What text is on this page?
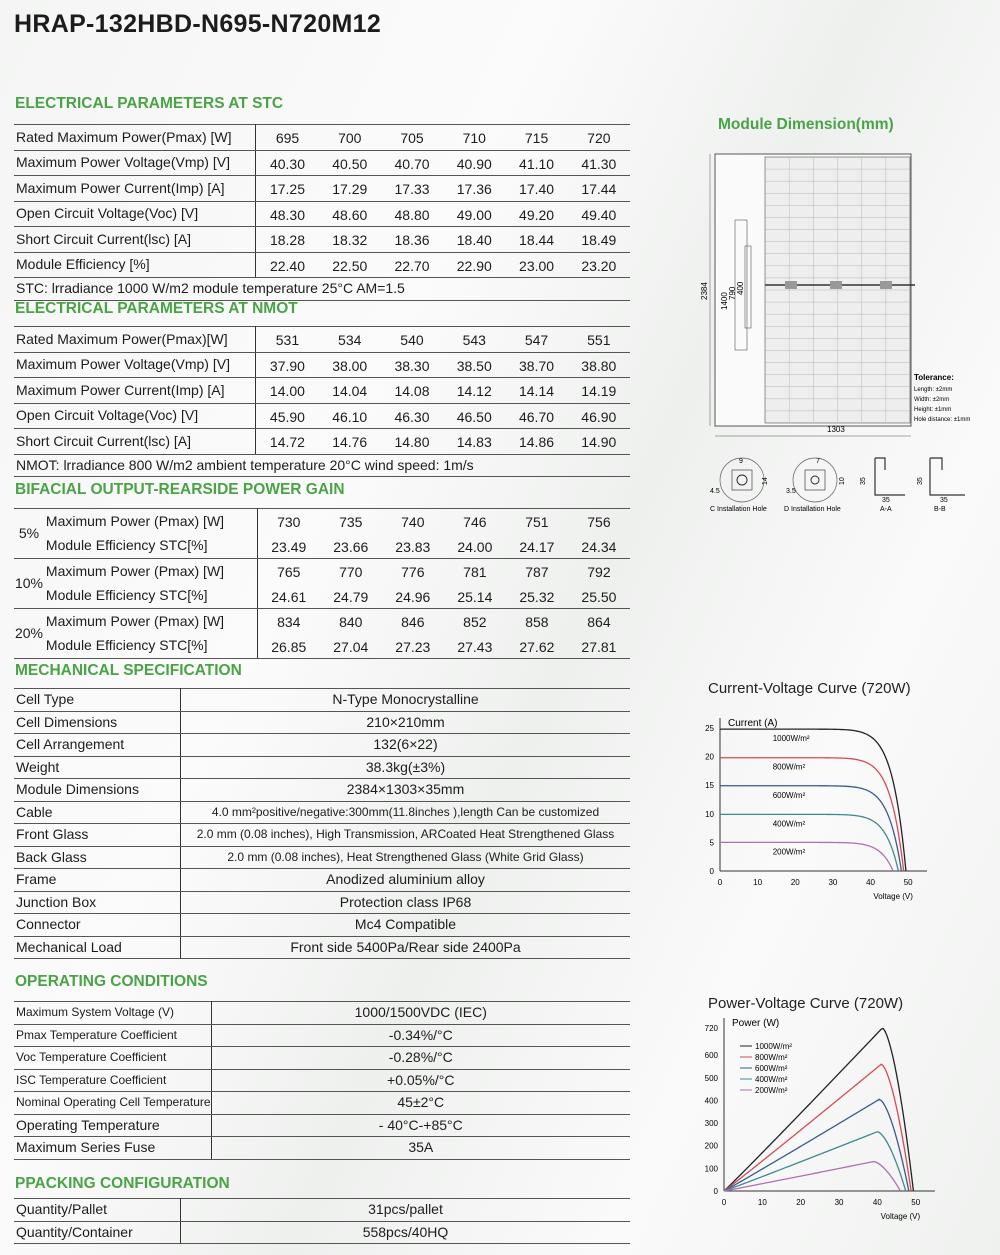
HRAP-132HBD-N695-N720M12
ELECTRICAL PARAMETERS AT STC
Rated Maximum Power(Pmax) [W]	695	700	705	710	715	720
Maximum Power Voltage(Vmp) [V]	40.30	40.50	40.70	40.90	41.10	41.30
Maximum Power Current(Imp) [A]	17.25	17.29	17.33	17.36	17.40	17.44
Open Circuit Voltage(Voc) [V]	48.30	48.60	48.80	49.00	49.20	49.40
Short Circuit Current(lsc) [A]	18.28	18.32	18.36	18.40	18.44	18.49
Module Efficiency [%]	22.40	22.50	22.70	22.90	23.00	23.20
STC: lrradiance 1000 W/m2 module temperature 25°C AM=1.5						
ELECTRICAL PARAMETERS AT NMOT
Rated Maximum Power(Pmax)[W]	531	534	540	543	547	551
Maximum Power Voltage(Vmp) [V]	37.90	38.00	38.30	38.50	38.70	38.80
Maximum Power Current(Imp) [A]	14.00	14.04	14.08	14.12	14.14	14.19
Open Circuit Voltage(Voc) [V]	45.90	46.10	46.30	46.50	46.70	46.90
Short Circuit Current(lsc) [A]	14.72	14.76	14.80	14.83	14.86	14.90
NMOT: lrradiance 800 W/m2 ambient temperature 20°C wind speed: 1m/s						
BIFACIAL OUTPUT-REARSIDE POWER GAIN
5%	Maximum Power (Pmax) [W]	730	735	740	746	751	756
	Module Efficiency STC[%]	23.49	23.66	23.83	24.00	24.17	24.34
10%	Maximum Power (Pmax) [W]	765	770	776	781	787	792
	Module Efficiency STC[%]	24.61	24.79	24.96	25.14	25.32	25.50
20%	Maximum Power (Pmax) [W]	834	840	846	852	858	864
	Module Efficiency STC[%]	26.85	27.04	27.23	27.43	27.62	27.81
MECHANICAL SPECIFICATION
Cell Type	N-Type Monocrystalline
Cell Dimensions	210×210mm
Cell Arrangement	132(6×22)
Weight	38.3kg(±3%)
Module Dimensions	2384×1303×35mm
Cable	4.0 mm²positive/negative:300mm(11.8inches ),length Can be customized
Front Glass	2.0 mm (0.08 inches), High Transmission, ARCoated Heat Strengthened Glass
Back Glass	2.0 mm (0.08 inches), Heat Strengthened Glass (White Grid Glass)
Frame	Anodized aluminium alloy
Junction Box	Protection class IP68
Connector	Mc4 Compatible
Mechanical Load	Front side 5400Pa/Rear side 2400Pa
OPERATING CONDITIONS
Maximum System Voltage (V)	1000/1500VDC (IEC)
Pmax Temperature Coefficient	-0.34%/°C
Voc Temperature Coefficient	-0.28%/°C
ISC Temperature Coefficient	+0.05%/°C
Nominal Operating Cell Temperature	45±2°C
Operating Temperature	- 40°C-+85°C
Maximum Series Fuse	35A
PPACKING CONFIGURATION
Quantity/Pallet	31pcs/pallet
Quantity/Container	558pcs/40HQ
Module Dimension(mm)
2384
1400 790 400
1303
Tolerance:
Length: ±2mm
Width: ±2mm
Height: ±1mm
Hole distance: ±1mm
9
4.5
14
C Installation Hole
7
3.5
10
D Installation Hole
35
35
A-A
35
35
B-B
Current-Voltage Curve (720W)
0
5
10
15
20
25
0	10	20	30	40	50
Current (A)
Voltage (V)
1000W/m²
800W/m²
600W/m²
400W/m²
200W/m²
Power-Voltage Curve (720W)
0
100
200
300
400
500
600
720
0	10	20	30	40	50
Power (W)
Voltage (V)
1000W/m²
800W/m²
600W/m²
400W/m²
200W/m²
